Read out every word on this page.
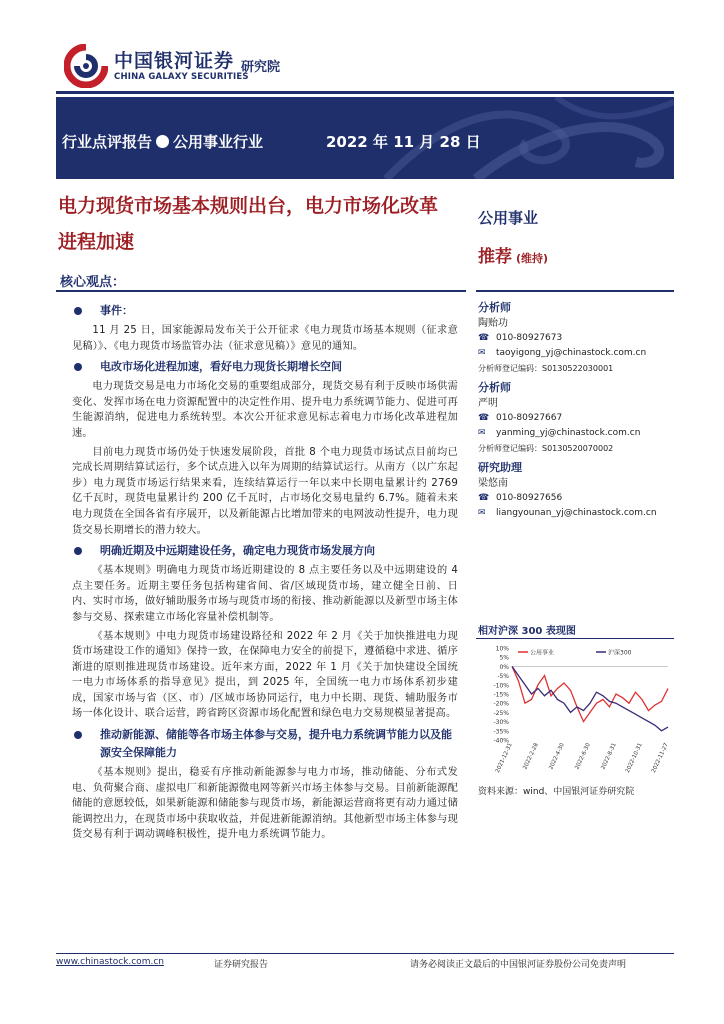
中国银河证券
CHINA GALAXY SECURITIES
研究院
行业点评报告 公用事业行业	2022 年 11 月 28 日
电力现货市场基本规则出台，电力市场化改革
进程加速
公用事业
推荐 (维持)
核心观点：
事件：
11 月 25 日，国家能源局发布关于公开征求《电力现货市场基本规则（征求意见稿）》、《电力现货市场监管办法（征求意见稿）》意见的通知。
电改市场化进程加速，看好电力现货长期增长空间
电力现货交易是电力市场化交易的重要组成部分，现货交易有利于反映市场供需变化、发挥市场在电力资源配置中的决定性作用、提升电力系统调节能力、促进可再生能源消纳，促进电力系统转型。本次公开征求意见标志着电力市场化改革进程加速。
目前电力现货市场仍处于快速发展阶段，首批 8 个电力现货市场试点目前均已完成长周期结算试运行，多个试点进入以年为周期的结算试运行。从南方（以广东起步）电力现货市场运行结果来看，连续结算运行一年以来中长期电量累计约 2769 亿千瓦时，现货电量累计约 200 亿千瓦时，占市场化交易电量约 6.7%。随着未来电力现货在全国各省有序展开，以及新能源占比增加带来的电网波动性提升，电力现货交易长期增长的潜力较大。
明确近期及中远期建设任务，确定电力现货市场发展方向
《基本规则》明确电力现货市场近期建设的 8 点主要任务以及中远期建设的 4 点主要任务。近期主要任务包括构建省间、省/区域现货市场，建立健全日前、日内、实时市场，做好辅助服务市场与现货市场的衔接、推动新能源以及新型市场主体参与交易、探索建立市场化容量补偿机制等。
《基本规则》中电力现货市场建设路径和 2022 年 2 月《关于加快推进电力现货市场建设工作的通知》保持一致，在保障电力安全的前提下，遵循稳中求进、循序渐进的原则推进现货市场建设。近年来方面，2022 年 1 月《关于加快建设全国统一电力市场体系的指导意见》提出，到 2025 年，全国统一电力市场体系初步建成，国家市场与省（区、市）/区域市场协同运行，电力中长期、现货、辅助服务市场一体化设计、联合运营，跨省跨区资源市场化配置和绿色电力交易规模显著提高。
推动新能源、储能等各市场主体参与交易，提升电力系统调节能力以及能源安全保障能力
《基本规则》提出，稳妥有序推动新能源参与电力市场，推动储能、分布式发电、负荷聚合商、虚拟电厂和新能源微电网等新兴市场主体参与交易。目前新能源配储能的意愿较低，如果新能源和储能参与现货市场，新能源运营商将更有动力通过储能调控出力，在现货市场中获取收益，并促进新能源消纳。其他新型市场主体参与现货交易有利于调动调峰积极性，提升电力系统调节能力。
分析师
陶贻功
☎ 010-80927673
✉ taoyigong_yj@chinastock.com.cn
分析师登记编码：S0130522030001
分析师
严明
☎ 010-80927667
✉ yanming_yj@chinastock.com.cn
分析师登记编码：S0130520070002
研究助理
梁悠南
☎ 010-80927656
✉ liangyounan_yj@chinastock.com.cn
相对沪深 300 表现图
10%
5%
0%
-5%
-10%
-15%
-20%
-25%
-30%
-35%
-40%
公用事业	沪深300
2021-12-31 2022-2-28 2022-4-30 2022-6-30 2022-8-31 2022-10-31 2022-11-27
资料来源：wind、中国银河证券研究院
www.chinastock.com.cn	证券研究报告	请务必阅读正文最后的中国银河证券股份公司免责声明
